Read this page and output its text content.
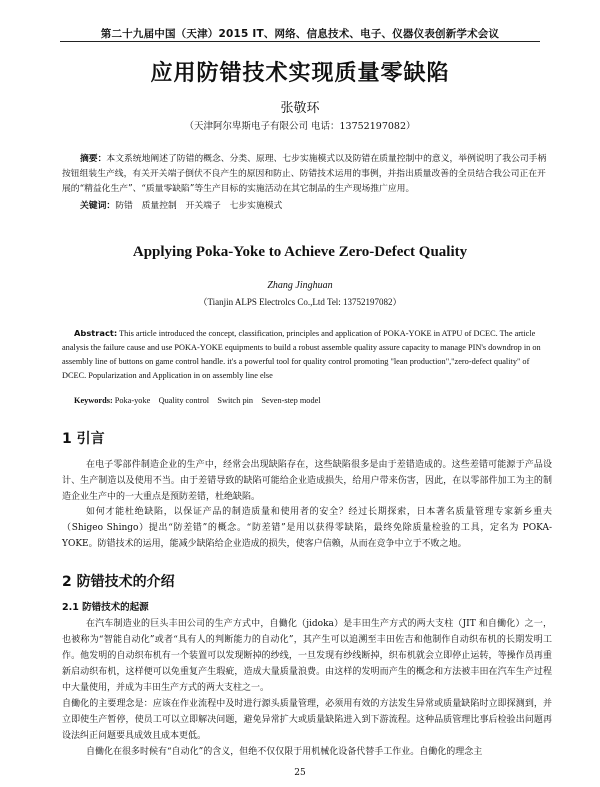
第二十九届中国（天津）2015 IT、网络、信息技术、电子、仪器仪表创新学术会议
应用防错技术实现质量零缺陷
张敬环
（天津阿尔卑斯电子有限公司 电话：13752197082）
摘要：本文系统地阐述了防错的概念、分类、原理、七步实施模式以及防错在质量控制中的意义，举例说明了我公司手柄按钮组装生产线，有关开关端子倒伏不良产生的原因和防止、防错技术运用的事例，并指出质量改善的全员结合我公司正在开展的“精益化生产”、“质量零缺陷”等生产目标的实施活动在其它制品的生产现场推广应用。
关键词：防错　质量控制　开关端子　七步实施模式
Applying Poka-Yoke to Achieve Zero-Defect Quality
Zhang Jinghuan
（Tianjin ALPS Electrolcs Co.,Ltd Tel: 13752197082）
Abstract: This article introduced the concept, classification, principles and application of POKA-YOKE in ATPU of DCEC. The article analysis the failure cause and use POKA-YOKE equipments to build a robust assemble quality assure capacity to manage PIN's downdrop in on assembly line of buttons on game control handle. it's a powerful tool for quality control promoting "lean production","zero-defect quality" of DCEC. Popularization and Application in on assembly line else
Keywords: Poka-yoke　Quality control　Switch pin　Seven-step model
1 引言
在电子零部件制造企业的生产中，经常会出现缺陷存在，这些缺陷很多是由于差错造成的。这些差错可能源于产品设计、生产制造以及使用不当。由于差错导致的缺陷可能给企业造成损失，给用户带来伤害，因此，在以零部件加工为主的制造企业生产中的一大重点是预防差错，杜绝缺陷。
如何才能杜绝缺陷，以保证产品的制造质量和使用者的安全？经过长期探索，日本著名质量管理专家新乡重夫（Shigeo Shingo）提出“防差错”的概念。“防差错”是用以获得零缺陷，最终免除质量检验的工具，定名为 POKA-YOKE。防错技术的运用，能减少缺陷给企业造成的损失，使客户信赖，从而在竞争中立于不败之地。
2 防错技术的介绍
2.1 防错技术的起源
在汽车制造业的巨头丰田公司的生产方式中，自働化（jidoka）是丰田生产方式的两大支柱（JIT 和自働化）之一，也被称为“智能自动化”或者“具有人的判断能力的自动化”，其产生可以追溯至丰田佐吉和他制作自动织布机的长期发明工作。他发明的自动织布机有一个装置可以发现断掉的纱线，一旦发现有纱线断掉，织布机就会立即停止运转，等操作员再重新启动织布机，这样便可以免重复产生瑕疵，造成大量质量浪费。由这样的发明而产生的概念和方法被丰田在汽车生产过程中大量使用，并成为丰田生产方式的两大支柱之一。
自働化的主要理念是：应该在作业流程中及时进行源头质量管理，必须用有效的方法发生异常或质量缺陷时立即探测到，并立即使生产暂停，使员工可以立即解决问题，避免异常扩大或质量缺陷进入到下游流程。这种品质管理比事后检验出问题再设法纠正问题要具成效且成本更低。
自働化在很多时候有“自动化”的含义，但绝不仅仅限于用机械化设备代替手工作业。自働化的理念主
25
